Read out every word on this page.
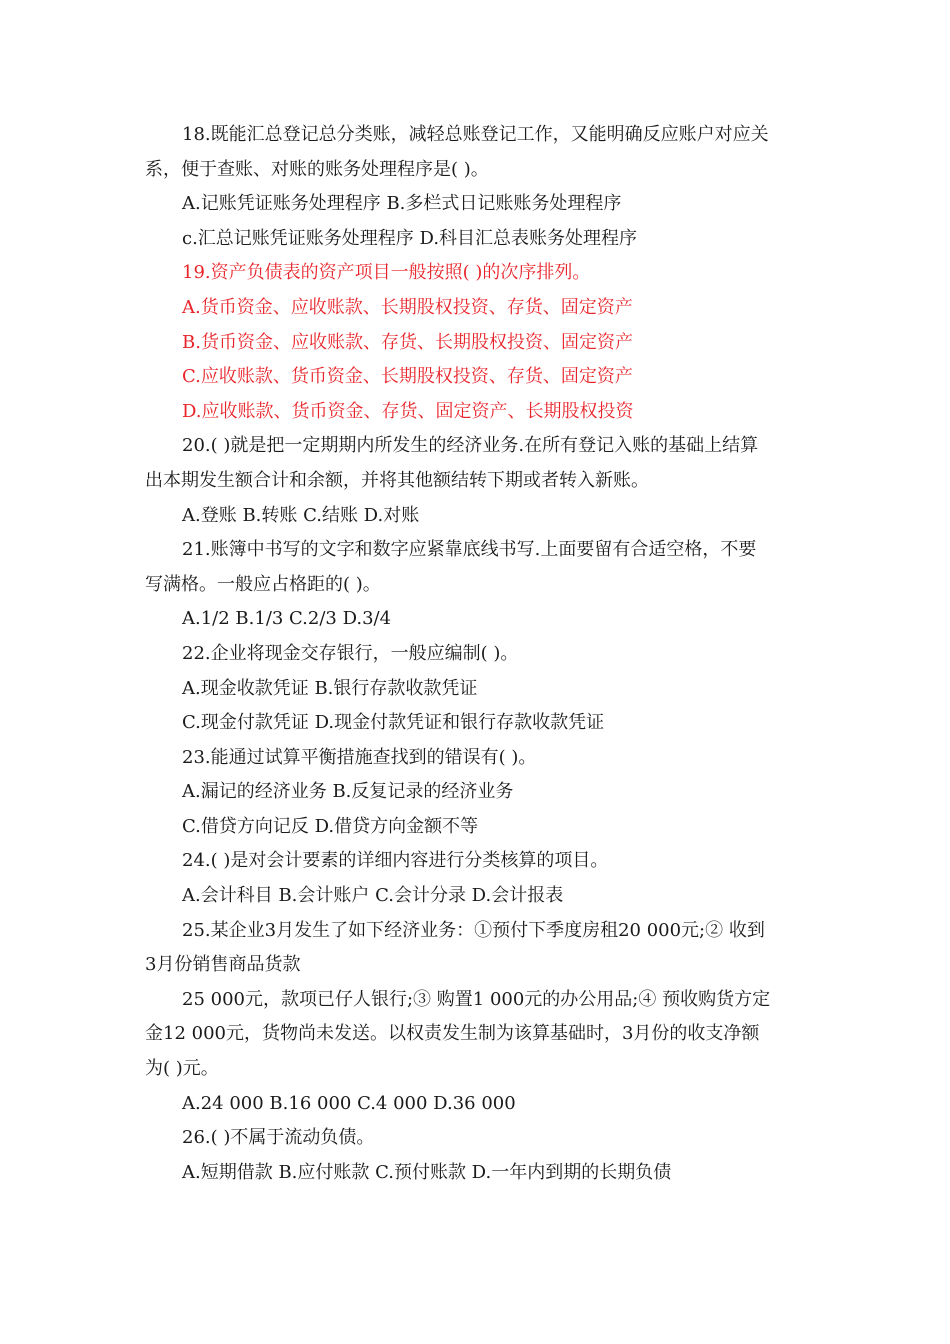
18.既能汇总登记总分类账，减轻总账登记工作，又能明确反应账户对应关
系，便于查账、对账的账务处理程序是( )。
A.记账凭证账务处理程序 B.多栏式日记账账务处理程序
c.汇总记账凭证账务处理程序 D.科目汇总表账务处理程序
19.资产负债表的资产项目一般按照( )的次序排列。
A.货币资金、应收账款、长期股权投资、存货、固定资产
B.货币资金、应收账款、存货、长期股权投资、固定资产
C.应收账款、货币资金、长期股权投资、存货、固定资产
D.应收账款、货币资金、存货、固定资产、长期股权投资
20.( )就是把一定期期内所发生的经济业务.在所有登记入账的基础上结算
出本期发生额合计和余额，并将其他额结转下期或者转入新账。
A.登账 B.转账 C.结账 D.对账
21.账簿中书写的文字和数字应紧靠底线书写.上面要留有合适空格，不要
写满格。一般应占格距的( )。
A.1/2 B.1/3 C.2/3 D.3/4
22.企业将现金交存银行，一般应编制( )。
A.现金收款凭证 B.银行存款收款凭证
C.现金付款凭证 D.现金付款凭证和银行存款收款凭证
23.能通过试算平衡措施查找到的错误有( )。
A.漏记的经济业务 B.反复记录的经济业务
C.借贷方向记反 D.借贷方向金额不等
24.( )是对会计要素的详细内容进行分类核算的项目。
A.会计科目 B.会计账户 C.会计分录 D.会计报表
25.某企业3月发生了如下经济业务：①预付下季度房租20 000元;② 收到
3月份销售商品货款
25 000元，款项已仔人银行;③ 购置1 000元的办公用品;④ 预收购货方定
金12 000元，货物尚未发送。以权责发生制为该算基础时，3月份的收支净额
为( )元。
A.24 000 B.16 000 C.4 000 D.36 000
26.( )不属于流动负债。
A.短期借款 B.应付账款 C.预付账款 D.一年内到期的长期负债
